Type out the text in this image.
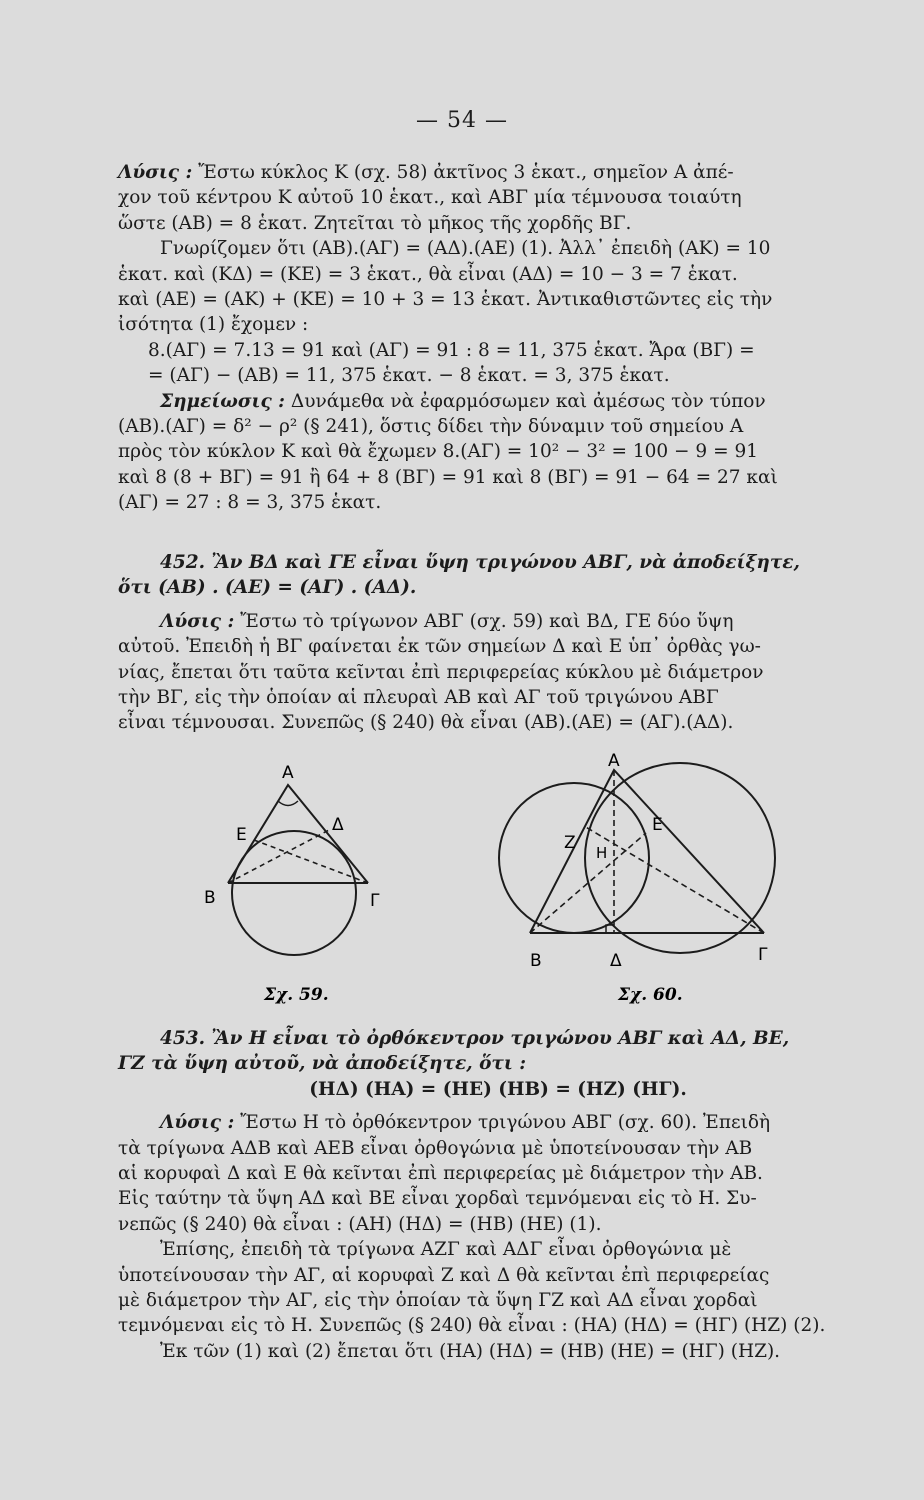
— 54 —

Λύσις : Ἔστω κύκλος Κ (σχ. 58) ἀκτῖνος 3 ἑκατ., σημεῖον Α ἀπέ-

χον τοῦ κέντρου Κ αὐτοῦ 10 ἑκατ., καὶ ΑΒΓ μία τέμνουσα τοιαύτη

ὥστε (ΑΒ) = 8 ἑκατ. Ζητεῖται τὸ μῆκος τῆς χορδῆς ΒΓ.

Γνωρίζομεν ὅτι (ΑΒ).(ΑΓ) = (ΑΔ).(ΑΕ) (1). Ἀλλ᾽ ἐπειδὴ (ΑΚ) = 10

ἑκατ. καὶ (ΚΔ) = (ΚΕ) = 3 ἑκατ., θὰ εἶναι (ΑΔ) = 10 − 3 = 7 ἑκατ.

καὶ (ΑΕ) = (ΑΚ) + (ΚΕ) = 10 + 3 = 13 ἑκατ. Ἀντικαθιστῶντες εἰς τὴν

ἰσότητα (1) ἔχομεν :

8.(ΑΓ) = 7.13 = 91 καὶ (ΑΓ) = 91 : 8 = 11, 375 ἑκατ. Ἄρα (ΒΓ) =

= (ΑΓ) − (ΑΒ) = 11, 375 ἑκατ. − 8 ἑκατ. = 3, 375 ἑκατ.

Σημείωσις : Δυνάμεθα νὰ ἐφαρμόσωμεν καὶ ἀμέσως τὸν τύπον

(ΑΒ).(ΑΓ) = δ² − ρ² (§ 241), ὅστις δίδει τὴν δύναμιν τοῦ σημείου Α

πρὸς τὸν κύκλον Κ καὶ θὰ ἔχωμεν 8.(ΑΓ) = 10² − 3² = 100 − 9 = 91

καὶ 8 (8 + ΒΓ) = 91 ἢ 64 + 8 (ΒΓ) = 91 καὶ 8 (ΒΓ) = 91 − 64 = 27 καὶ

(ΑΓ) = 27 : 8 = 3, 375 ἑκατ.

452. Ἂν ΒΔ καὶ ΓΕ εἶναι ὕψη τριγώνου ΑΒΓ, νὰ ἀποδείξητε,

ὅτι (ΑΒ) . (ΑΕ) = (ΑΓ) . (ΑΔ).

Λύσις : Ἔστω τὸ τρίγωνον ΑΒΓ (σχ. 59) καὶ ΒΔ, ΓΕ δύο ὕψη

αὐτοῦ. Ἐπειδὴ ἡ ΒΓ φαίνεται ἐκ τῶν σημείων Δ καὶ Ε ὑπ᾽ ὀρθὰς γω-

νίας, ἔπεται ὅτι ταῦτα κεῖνται ἐπὶ περιφερείας κύκλου μὲ διάμετρον

τὴν ΒΓ, εἰς τὴν ὁποίαν αἱ πλευραὶ ΑΒ καὶ ΑΓ τοῦ τριγώνου ΑΒΓ

εἶναι τέμνουσαι. Συνεπῶς (§ 240) θὰ εἶναι (ΑΒ).(ΑΕ) = (ΑΓ).(ΑΔ).

A
E	Δ
B	Γ
Σχ. 59.
A
E
Z H
B	Δ	Γ
Σχ. 60.

453. Ἂν Η εἶναι τὸ ὀρθόκεντρον τριγώνου ΑΒΓ καὶ ΑΔ, ΒΕ,

ΓΖ τὰ ὕψη αὐτοῦ, νὰ ἀποδείξητε, ὅτι :

(ΗΔ) (ΗΑ) = (ΗΕ) (ΗΒ) = (ΗΖ) (ΗΓ).

Λύσις : Ἔστω Η τὸ ὀρθόκεντρον τριγώνου ΑΒΓ (σχ. 60). Ἐπειδὴ

τὰ τρίγωνα ΑΔΒ καὶ ΑΕΒ εἶναι ὀρθογώνια μὲ ὑποτείνουσαν τὴν ΑΒ

αἱ κορυφαὶ Δ καὶ Ε θὰ κεῖνται ἐπὶ περιφερείας μὲ διάμετρον τὴν ΑΒ.

Εἰς ταύτην τὰ ὕψη ΑΔ καὶ ΒΕ εἶναι χορδαὶ τεμνόμεναι εἰς τὸ Η. Συ-

νεπῶς (§ 240) θὰ εἶναι : (ΑΗ) (ΗΔ) = (ΗΒ) (ΗΕ) (1).

Ἐπίσης, ἐπειδὴ τὰ τρίγωνα ΑΖΓ καὶ ΑΔΓ εἶναι ὀρθογώνια μὲ

ὑποτείνουσαν τὴν ΑΓ, αἱ κορυφαὶ Ζ καὶ Δ θὰ κεῖνται ἐπὶ περιφερείας

μὲ διάμετρον τὴν ΑΓ, εἰς τὴν ὁποίαν τὰ ὕψη ΓΖ καὶ ΑΔ εἶναι χορδαὶ

τεμνόμεναι εἰς τὸ Η. Συνεπῶς (§ 240) θὰ εἶναι : (ΗΑ) (ΗΔ) = (ΗΓ) (ΗΖ) (2).

Ἐκ τῶν (1) καὶ (2) ἔπεται ὅτι (ΗΑ) (ΗΔ) = (ΗΒ) (ΗΕ) = (ΗΓ) (ΗΖ).
